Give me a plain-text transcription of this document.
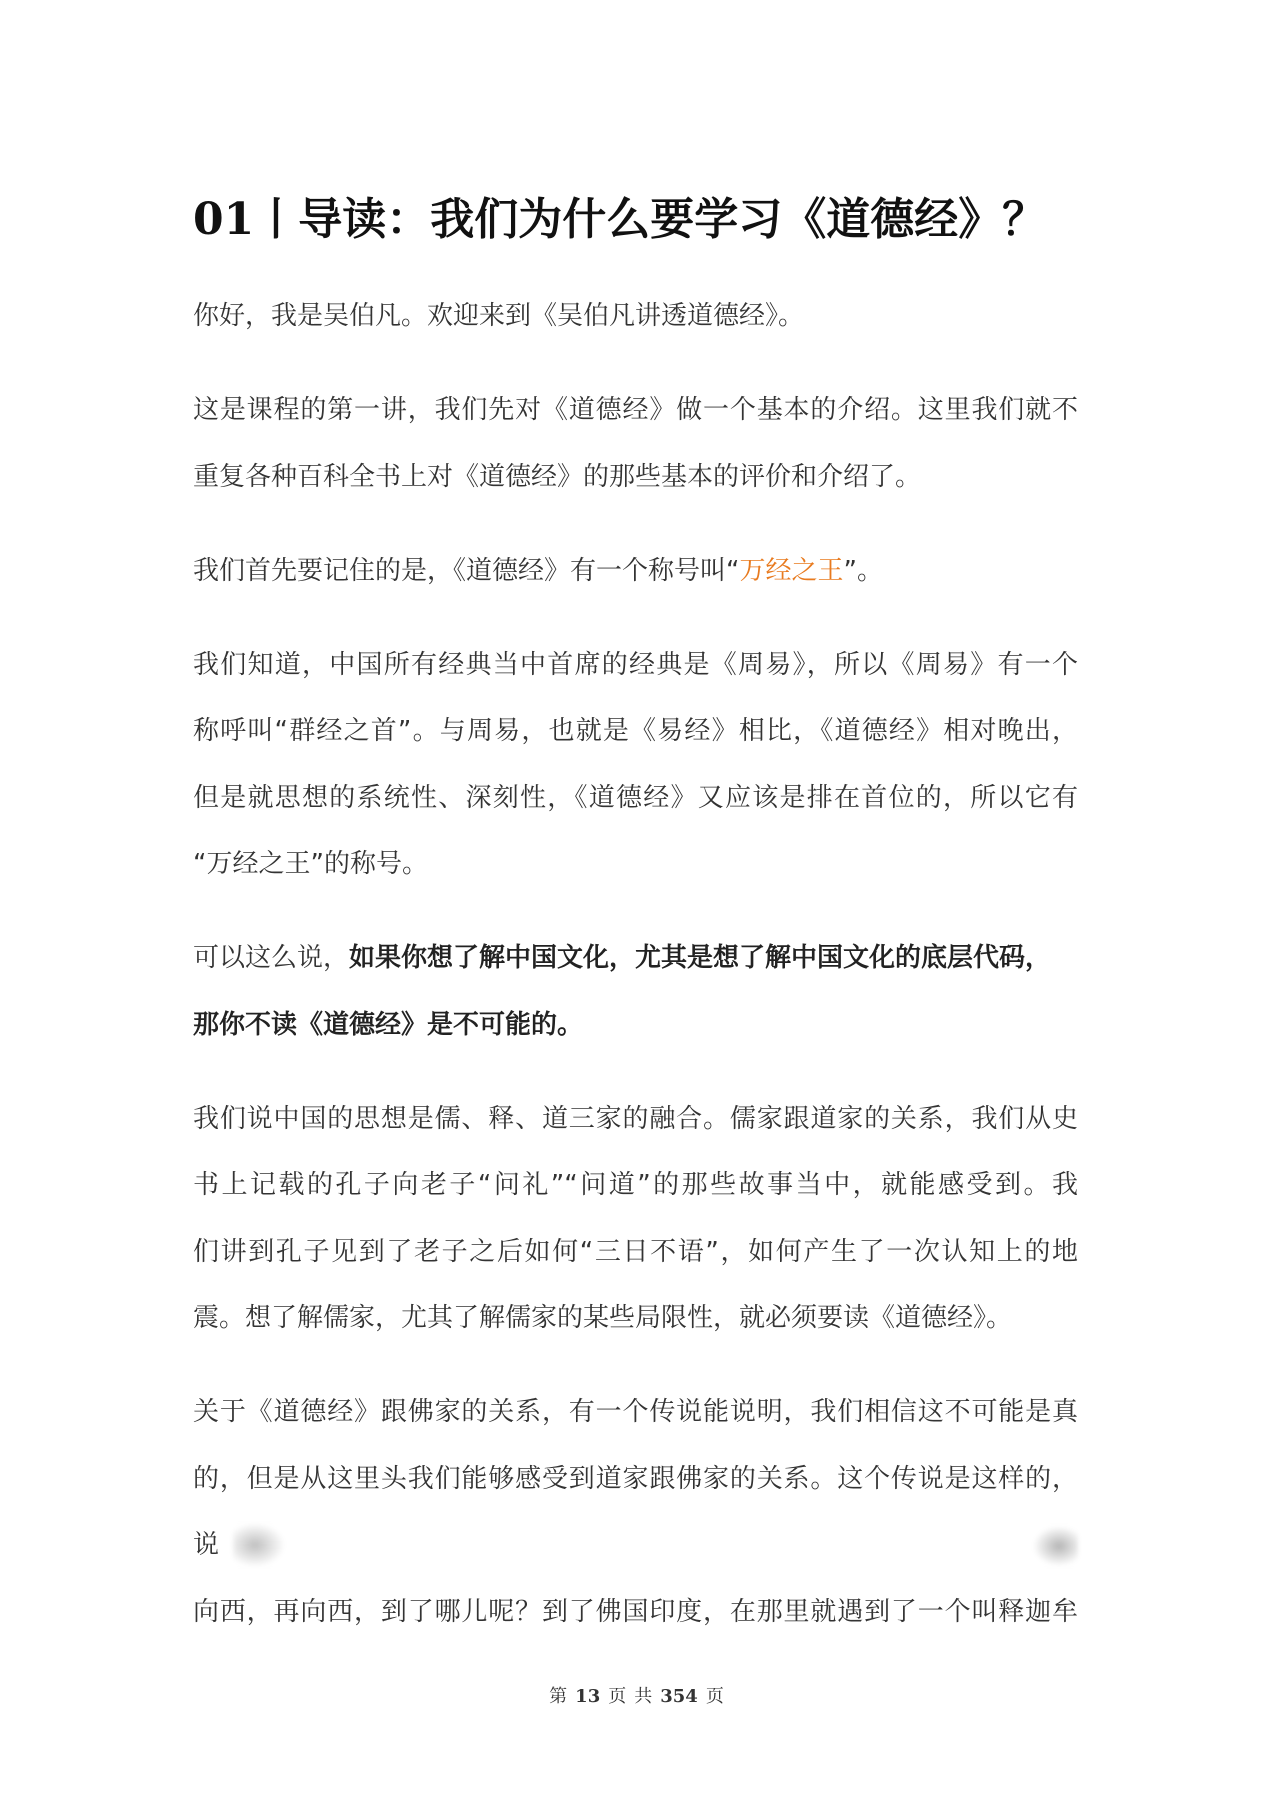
01丨导读：我们为什么要学习《道德经》？
你好，我是吴伯凡。欢迎来到《吴伯凡讲透道德经》。
这是课程的第一讲，我们先对《道德经》做一个基本的介绍。这里我们就不
重复各种百科全书上对《道德经》的那些基本的评价和介绍了。
我们首先要记住的是，《道德经》有一个称号叫“万经之王”。
我们知道，中国所有经典当中首席的经典是《周易》，所以《周易》有一个
称呼叫“群经之首”。与周易，也就是《易经》相比，《道德经》相对晚出，
但是就思想的系统性、深刻性，《道德经》又应该是排在首位的，所以它有
“万经之王”的称号。
可以这么说，如果你想了解中国文化，尤其是想了解中国文化的底层代码，
那你不读《道德经》是不可能的。
我们说中国的思想是儒、释、道三家的融合。儒家跟道家的关系，我们从史
书上记载的孔子向老子“问礼”“问道”的那些故事当中，就能感受到。我
们讲到孔子见到了老子之后如何“三日不语”，如何产生了一次认知上的地
震。想了解儒家，尤其了解儒家的某些局限性，就必须要读《道德经》。
关于《道德经》跟佛家的关系，有一个传说能说明，我们相信这不可能是真
的，但是从这里头我们能够感受到道家跟佛家的关系。这个传说是这样的，
说
向西，再向西，到了哪儿呢？到了佛国印度，在那里就遇到了一个叫释迦牟
第 13 页 共 354 页
